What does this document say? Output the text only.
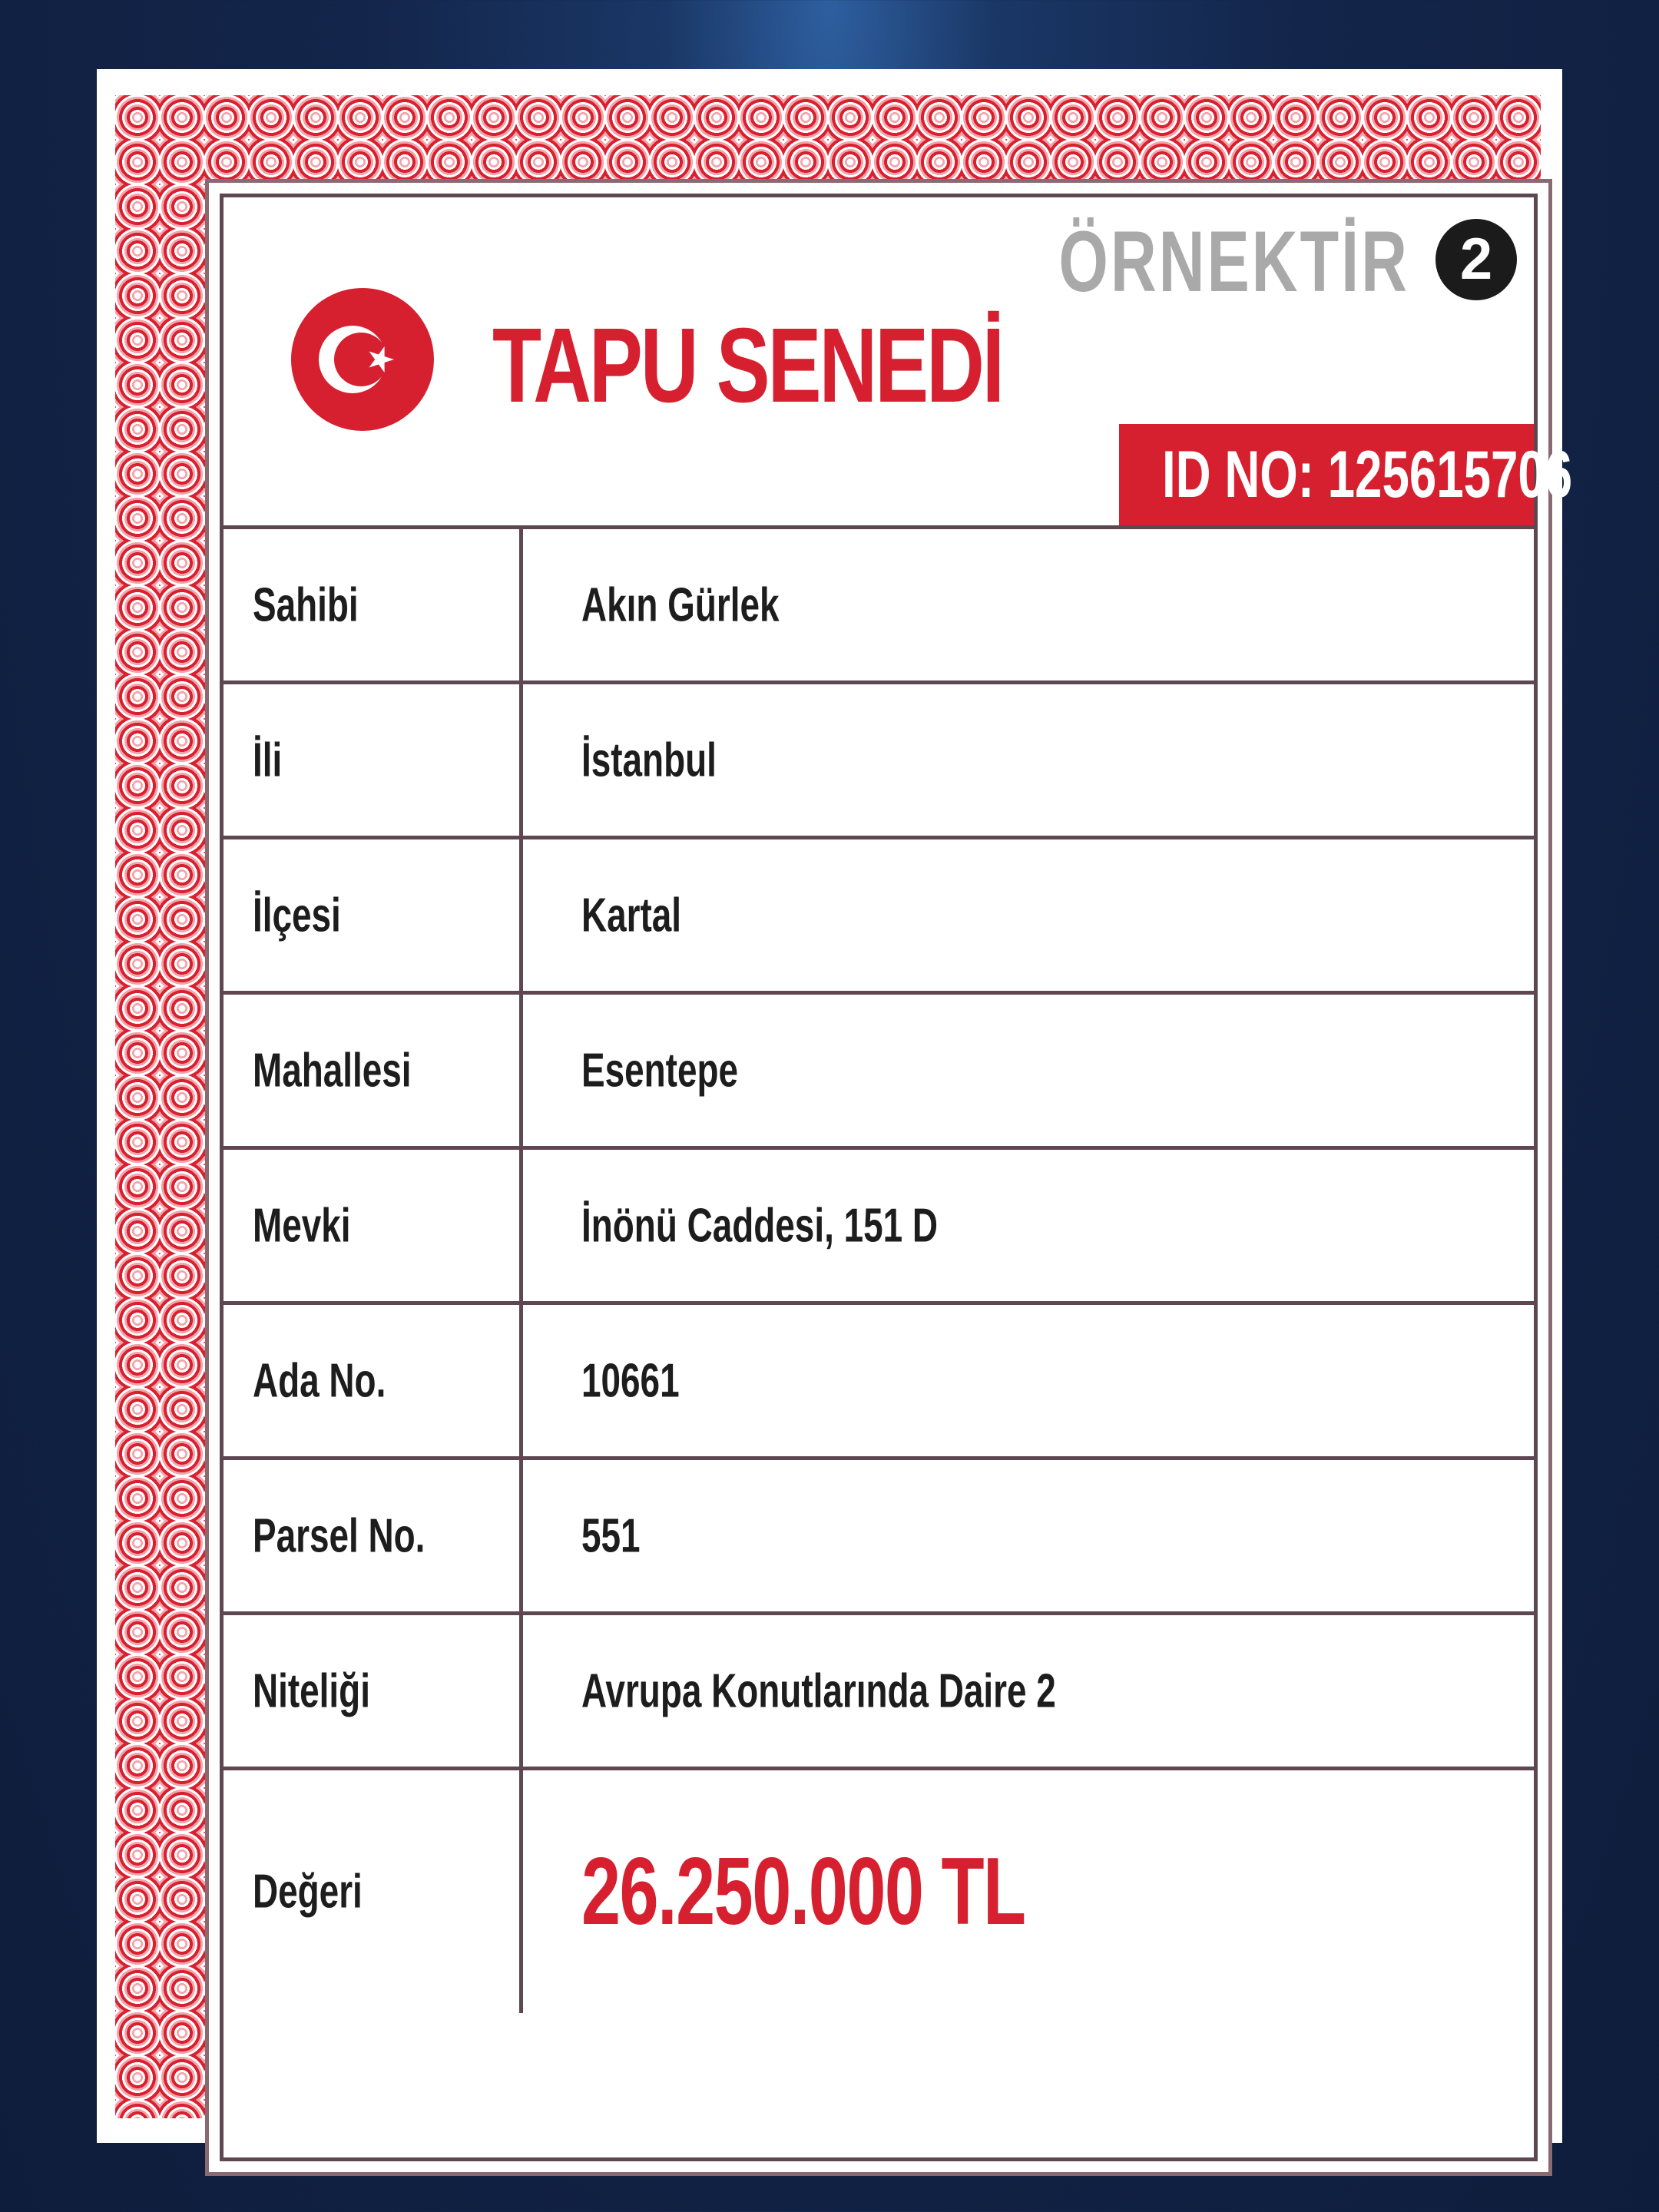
TAPU SENEDİ
ÖRNEKTİR 2
ID NO: 125615706
Sahibi	Akın Gürlek
İli	İstanbul
İlçesi	Kartal
Mahallesi	Esentepe
Mevki	İnönü Caddesi, 151 D
Ada No.	10661
Parsel No.	551
Niteliği	Avrupa Konutlarında Daire 2
Değeri 26.250.000 TL
